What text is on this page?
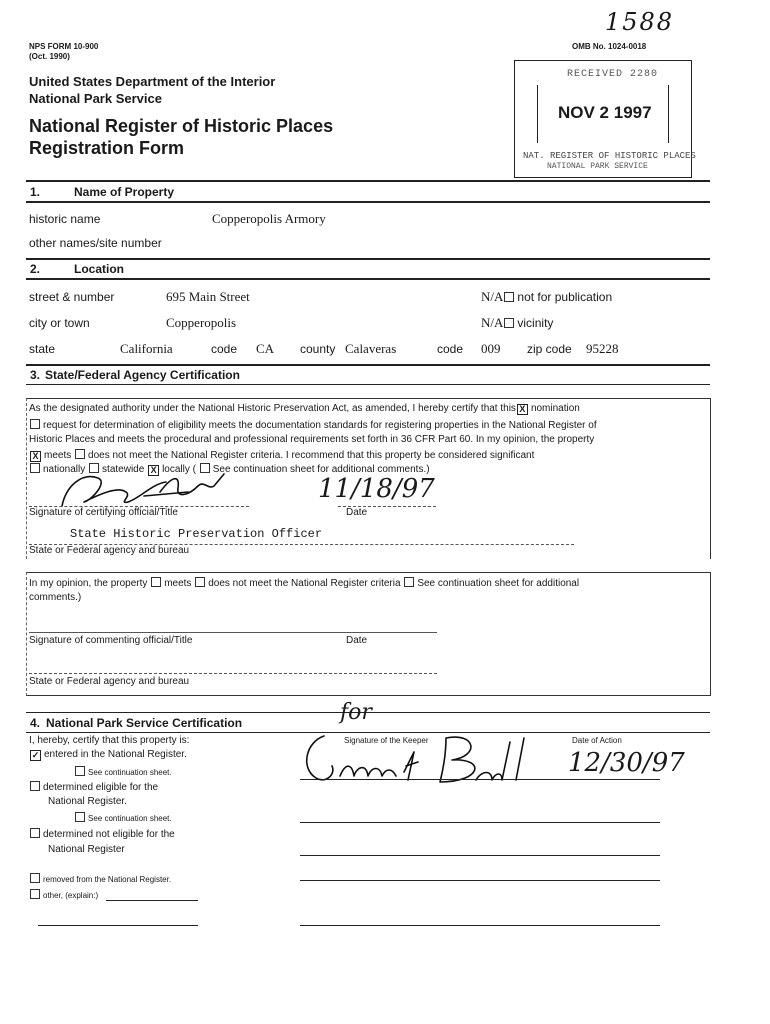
1588
NPS FORM 10-900
(Oct. 1990)
OMB No. 1024-0018
United States Department of the Interior
National Park Service
National Register of Historic Places
Registration Form
RECEIVED 2280
NOV 2 1997
NAT. REGISTER OF HISTORIC PLACES
NATIONAL PARK SERVICE
1.	Name of Property
historic name	Copperopolis Armory
other names/site number
2.	Location
street & number	695 Main Street	N/A not for publication
city or town	Copperopolis	N/A vicinity
state	California	code CA county Calaveras	code 009 zip code 95228
3. State/Federal Agency Certification
As the designated authority under the National Historic Preservation Act, as amended, I hereby certify that this X nomination
request for determination of eligibility meets the documentation standards for registering properties in the National Register of
Historic Places and meets the procedural and professional requirements set forth in 36 CFR Part 60. In my opinion, the property
X meets does not meet the National Register criteria. I recommend that this property be considered significant
nationally statewide X locally ( See continuation sheet for additional comments.)
Signature of certifying official/Title
11/18/97
Date
State Historic Preservation Officer
State or Federal agency and bureau
In my opinion, the property meets does not meet the National Register criteria See continuation sheet for additional
comments.)
Signature of commenting official/Title	Date
State or Federal agency and bureau
4. National Park Service Certification
I, hereby, certify that this property is:
✓ entered in the National Register.
See continuation sheet.
determined eligible for the
National Register.
See continuation sheet.
determined not eligible for the
National Register
removed from the National Register.
other, (explain:)
for
Signature of the Keeper	Date of Action
12/30/97
